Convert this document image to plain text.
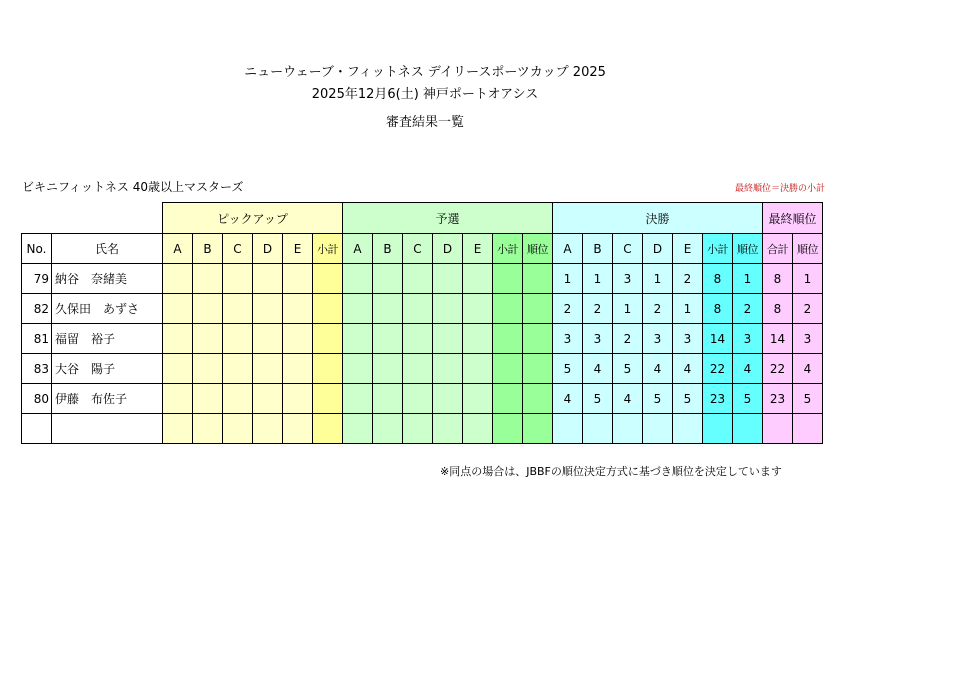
ニューウェーブ・フィットネス デイリースポーツカップ 2025
2025年12月6(土) 神戸ポートオアシス
審査結果一覧
ビキニフィットネス 40歳以上マスターズ	最終順位＝決勝の小計
		ピックアップ						予選							決勝							最終順位	
No.	氏名	A	B	C	D	E	小計	A	B	C	D	E	小計	順位	A	B	C	D	E	小計	順位	合計	順位
79	納谷　奈緒美														1	1	3	1	2	8	1	8	1
82	久保田　あずさ														2	2	1	2	1	8	2	8	2
81	福留　裕子														3	3	2	3	3	14	3	14	3
83	大谷　陽子														5	4	5	4	4	22	4	22	4
80	伊藤　布佐子														4	5	4	5	5	23	5	23	5

※同点の場合は、JBBFの順位決定方式に基づき順位を決定しています
